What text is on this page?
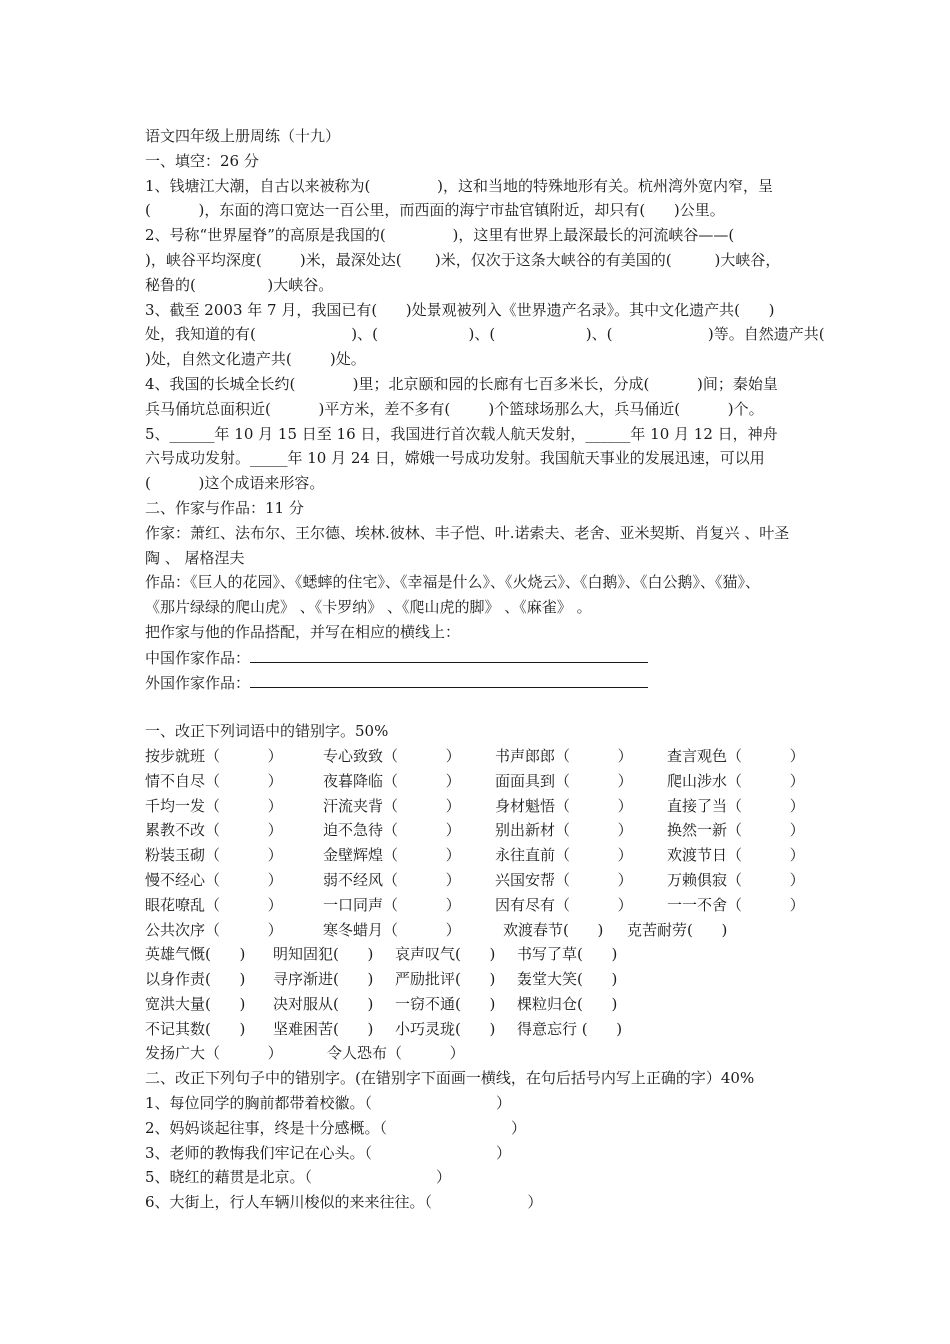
语文四年级上册周练（十九）
一、填空：26 分
1、钱塘江大潮，自古以来被称为(              )，这和当地的特殊地形有关。杭州湾外宽内窄，呈
(          )，东面的湾口宽达一百公里，而西面的海宁市盐官镇附近，却只有(      )公里。
2、号称“世界屋脊”的高原是我国的(              )，这里有世界上最深最长的河流峡谷——(
)，峡谷平均深度(        )米，最深处达(       )米，仅次于这条大峡谷的有美国的(         )大峡谷，
秘鲁的(               )大峡谷。
3、截至 2003 年 7 月，我国已有(      )处景观被列入《世界遗产名录》。其中文化遗产共(      )
处，我知道的有(                    )、(                   )、(                   )、(                    )等。自然遗产共(
)处，自然文化遗产共(        )处。
4、我国的长城全长约(            )里；北京颐和园的长廊有七百多米长，分成(          )间；秦始皇
兵马俑坑总面积近(          )平方米，差不多有(        )个篮球场那么大，兵马俑近(          )个。
5、______年 10 月 15 日至 16 日，我国进行首次载人航天发射，______年 10 月 12 日，神舟
六号成功发射。_____年 10 月 24 日，嫦娥一号成功发射。我国航天事业的发展迅速，可以用
(          )这个成语来形容。
二、作家与作品：11 分
作家：萧红、法布尔、王尔德、埃林.彼林、丰子恺、叶.诺索夫、老舍、亚米契斯、肖复兴 、叶圣
陶 、 屠格涅夫
作品：《巨人的花园》、《蟋蟀的住宅》、《幸福是什么》、《火烧云》、《白鹅》、《白公鹅》、《猫》、
《那片绿绿的爬山虎》 、《卡罗纳》 、《爬山虎的脚》 、《麻雀》 。
把作家与他的作品搭配，并写在相应的横线上：
中国作家作品：
外国作家作品：
一、改正下列词语中的错别字。50%
按步就班（          ）	专心致致（          ） 书声郎郎（          ） 查言观色（          ）
情不自尽（          ）	夜暮降临（          ） 面面具到（          ） 爬山涉水（          ）
千均一发（          ）	汗流夹背（          ） 身材魁悟（          ） 直接了当（          ）
累教不改（          ）	迫不急待（          ） 别出新材（          ） 换然一新（          ）
粉装玉砌（          ）	金壁辉煌（          ） 永往直前（          ） 欢渡节日（          ）
慢不经心（          ）	弱不经风（          ） 兴国安帮（          ） 万赖俱寂（          ）
眼花嘹乱（          ）	一口同声（          ） 因有尽有（          ） 一一不舍（          ）
公共次序（          ）	寒冬蜡月（          ）	欢渡春节(      ) 克苦耐劳(      )
英雄气慨(      ) 明知固犯(      ) 哀声叹气(      ) 书写了草(      )
以身作责(      ) 寻序渐进(      ) 严励批评(      ) 轰堂大笑(      )
宽洪大量(      ) 决对服从(      ) 一窃不通(      ) 棵粒归仓(      )
不记其数(      ) 坚难困苦(      ) 小巧灵珑(      ) 得意忘行 (      )
发扬广大（          ）	令人恐布（          ）
二、改正下列句子中的错别字。(在错别字下面画一横线，在句后括号内写上正确的字）40%
1、每位同学的胸前都带着校徽。（                          ）
2、妈妈谈起往事，终是十分感概。（                          ）
3、老师的教悔我们牢记在心头。（                          ）
5、晓红的藉贯是北京。（                          ）
6、大街上，行人车辆川梭似的来来往往。（                    ）
